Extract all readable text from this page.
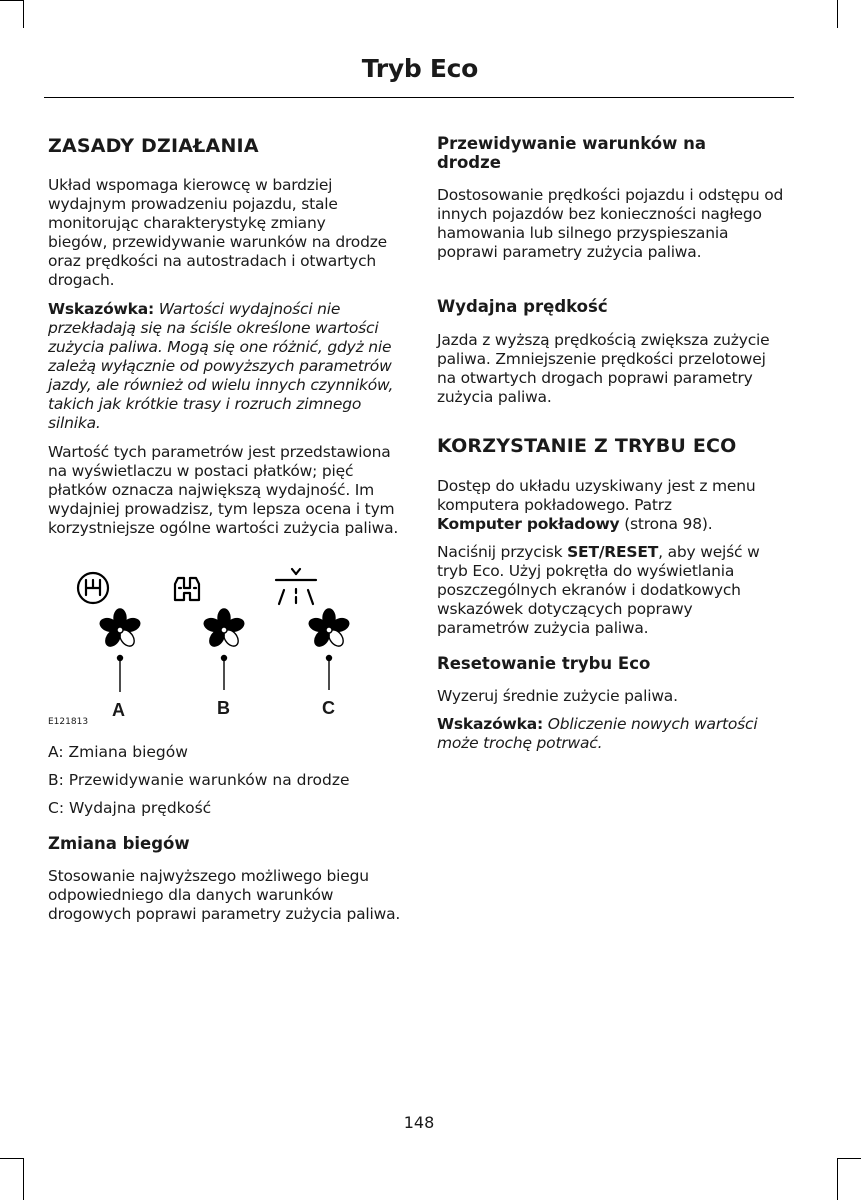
Tryb Eco
ZASADY DZIAŁANIA

Układ wspomaga kierowcę w bardziej wydajnym prowadzeniu pojazdu, stale monitorując charakterystykę zmiany biegów, przewidywanie warunków na drodze oraz prędkości na autostradach i otwartych drogach.

Wskazówka: Wartości wydajności nie przekładają się na ściśle określone wartości zużycia paliwa. Mogą się one różnić, gdyż nie zależą wyłącznie od powyższych parametrów jazdy, ale również od wielu innych czynników, takich jak krótkie trasy i rozruch zimnego silnika.

Wartość tych parametrów jest przedstawiona na wyświetlaczu w postaci płatków; pięć płatków oznacza największą wydajność. Im wydajniej prowadzisz, tym lepsza ocena i tym korzystniejsze ogólne wartości zużycia paliwa.

A	B	C
E121813
A: Zmiana biegów
B: Przewidywanie warunków na drodze
C: Wydajna prędkość
Zmiana biegów

Stosowanie najwyższego możliwego biegu odpowiedniego dla danych warunków drogowych poprawi parametry zużycia paliwa.

Przewidywanie warunków na drodze

Dostosowanie prędkości pojazdu i odstępu od innych pojazdów bez konieczności nagłego hamowania lub silnego przyspieszania poprawi parametry zużycia paliwa.

Wydajna prędkość

Jazda z wyższą prędkością zwiększa zużycie paliwa. Zmniejszenie prędkości przelotowej na otwartych drogach poprawi parametry zużycia paliwa.

KORZYSTANIE Z TRYBU ECO

Dostęp do układu uzyskiwany jest z menu komputera pokładowego. Patrz
Komputer pokładowy (strona 98).

Naciśnij przycisk SET/RESET, aby wejść w tryb Eco. Użyj pokrętła do wyświetlania poszczególnych ekranów i dodatkowych wskazówek dotyczących poprawy parametrów zużycia paliwa.

Resetowanie trybu Eco

Wyzeruj średnie zużycie paliwa.

Wskazówka: Obliczenie nowych wartości może trochę potrwać.

148
